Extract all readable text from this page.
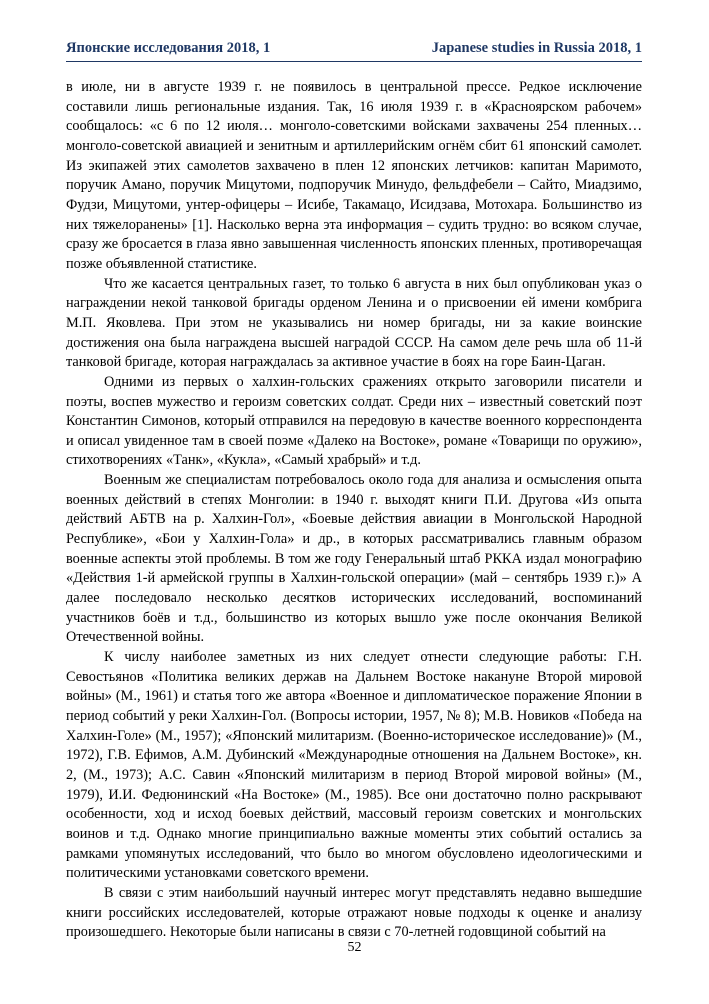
Японские исследования 2018, 1	Japanese studies in Russia 2018, 1

в июле, ни в августе 1939 г. не появилось в центральной прессе. Редкое исключение составили лишь региональные издания. Так, 16 июля 1939 г. в «Красноярском рабочем» сообщалось: «с 6 по 12 июля… монголо-советскими войсками захвачены 254 пленных… монголо-советской авиацией и зенитным и артиллерийским огнём сбит 61 японский самолет. Из экипажей этих самолетов захвачено в плен 12 японских летчиков: капитан Маримото, поручик Амано, поручик Мицутоми, подпоручик Минудо, фельдфебели – Сайто, Миадзимо, Фудзи, Мицутоми, унтер-офицеры – Исибе, Такамацо, Исидзава, Мотохара. Большинство из них тяжелоранены» [1]. Насколько верна эта информация – судить трудно: во всяком случае, сразу же бросается в глаза явно завышенная численность японских пленных, противоречащая позже объявленной статистике.

Что же касается центральных газет, то только 6 августа в них был опубликован указ о награждении некой танковой бригады орденом Ленина и о присвоении ей имени комбрига М.П. Яковлева. При этом не указывались ни номер бригады, ни за какие воинские достижения она была награждена высшей наградой СССР. На самом деле речь шла об 11-й танковой бригаде, которая награждалась за активное участие в боях на горе Баин-Цаган.

Одними из первых о халхин-гольских сражениях открыто заговорили писатели и поэты, воспев мужество и героизм советских солдат. Среди них – известный советский поэт Константин Симонов, который отправился на передовую в качестве военного корреспондента и описал увиденное там в своей поэме «Далеко на Востоке», романе «Товарищи по оружию», стихотворениях «Танк», «Кукла», «Самый храбрый» и т.д.

Военным же специалистам потребовалось около года для анализа и осмысления опыта военных действий в степях Монголии: в 1940 г. выходят книги П.И. Другова «Из опыта действий АБТВ на р. Халхин-Гол», «Боевые действия авиации в Монгольской Народной Республике», «Бои у Халхин-Гола» и др., в которых рассматривались главным образом военные аспекты этой проблемы. В том же году Генеральный штаб РККА издал монографию «Действия 1-й армейской группы в Халхин-гольской операции» (май – сентябрь 1939 г.)» А далее последовало несколько десятков исторических исследований, воспоминаний участников боёв и т.д., большинство из которых вышло уже после окончания Великой Отечественной войны.

К числу наиболее заметных из них следует отнести следующие работы: Г.Н. Севостьянов «Политика великих держав на Дальнем Востоке накануне Второй мировой войны» (М., 1961) и статья того же автора «Военное и дипломатическое поражение Японии в период событий у реки Халхин-Гол. (Вопросы истории, 1957, № 8); М.В. Новиков «Победа на Халхин-Голе» (М., 1957); «Японский милитаризм. (Военно-историческое исследование)» (М., 1972), Г.В. Ефимов, А.М. Дубинский «Международные отношения на Дальнем Востоке», кн. 2, (М., 1973); А.С. Савин «Японский милитаризм в период Второй мировой войны» (М., 1979), И.И. Федюнинский «На Востоке» (М., 1985). Все они достаточно полно раскрывают особенности, ход и исход боевых действий, массовый героизм советских и монгольских воинов и т.д. Однако многие принципиально важные моменты этих событий остались за рамками упомянутых исследований, что было во многом обусловлено идеологическими и политическими установками советского времени.

В связи с этим наибольший научный интерес могут представлять недавно вышедшие книги российских исследователей, которые отражают новые подходы к оценке и анализу произошедшего. Некоторые были написаны в связи с 70-летней годовщиной событий на

52
